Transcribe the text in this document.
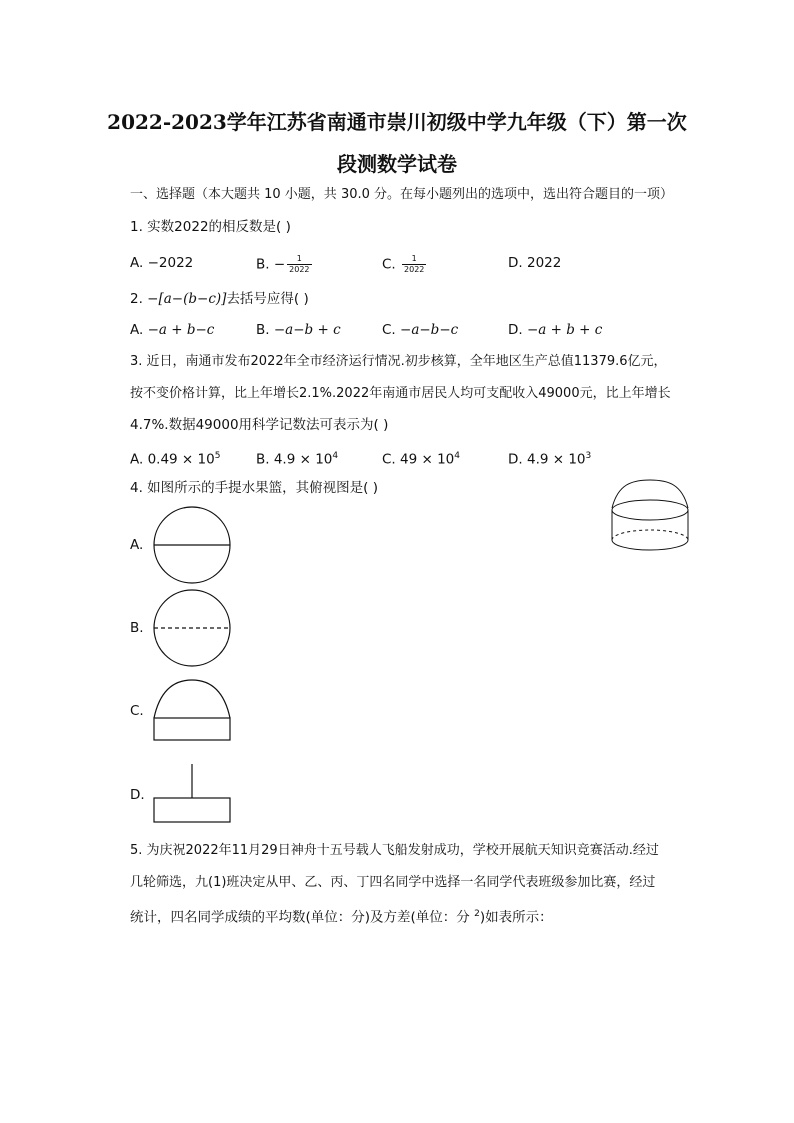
2022-2023学年江苏省南通市崇川初级中学九年级（下）第一次
段测数学试卷
一、选择题（本大题共 10 小题，共 30.0 分。在每小题列出的选项中，选出符合题目的一项）
1. 实数2022的相反数是( )
A. −2022	B. − $\frac{1}{2022}$	C. $\frac{1}{2022}$	D. 2022
2. −[a−(b−c)]去括号应得( )
A. −a + b−c	B. −a−b + c	C. −a−b−c	D. −a + b + c
3. 近日，南通市发布2022年全市经济运行情况.初步核算，全年地区生产总值11379.6亿元，
按不变价格计算，比上年增长2.1%.2022年南通市居民人均可支配收入49000元，比上年增长
4.7%.数据49000用科学记数法可表示为( )
A. $0.49 \times 10^5$	B. $4.9 \times 10^4$	C. $49 \times 10^4$	D. $4.9 \times 10^3$
4. 如图所示的手提水果篮，其俯视图是( )
A.
B.
C.
D.
5. 为庆祝2022年11月29日神舟十五号载人飞船发射成功，学校开展航天知识竞赛活动.经过
几轮筛选，九(1)班决定从甲、乙、丙、丁四名同学中选择一名同学代表班级参加比赛，经过
统计，四名同学成绩的平均数(单位：分)及方差(单位：分 $^2$)如表所示：
